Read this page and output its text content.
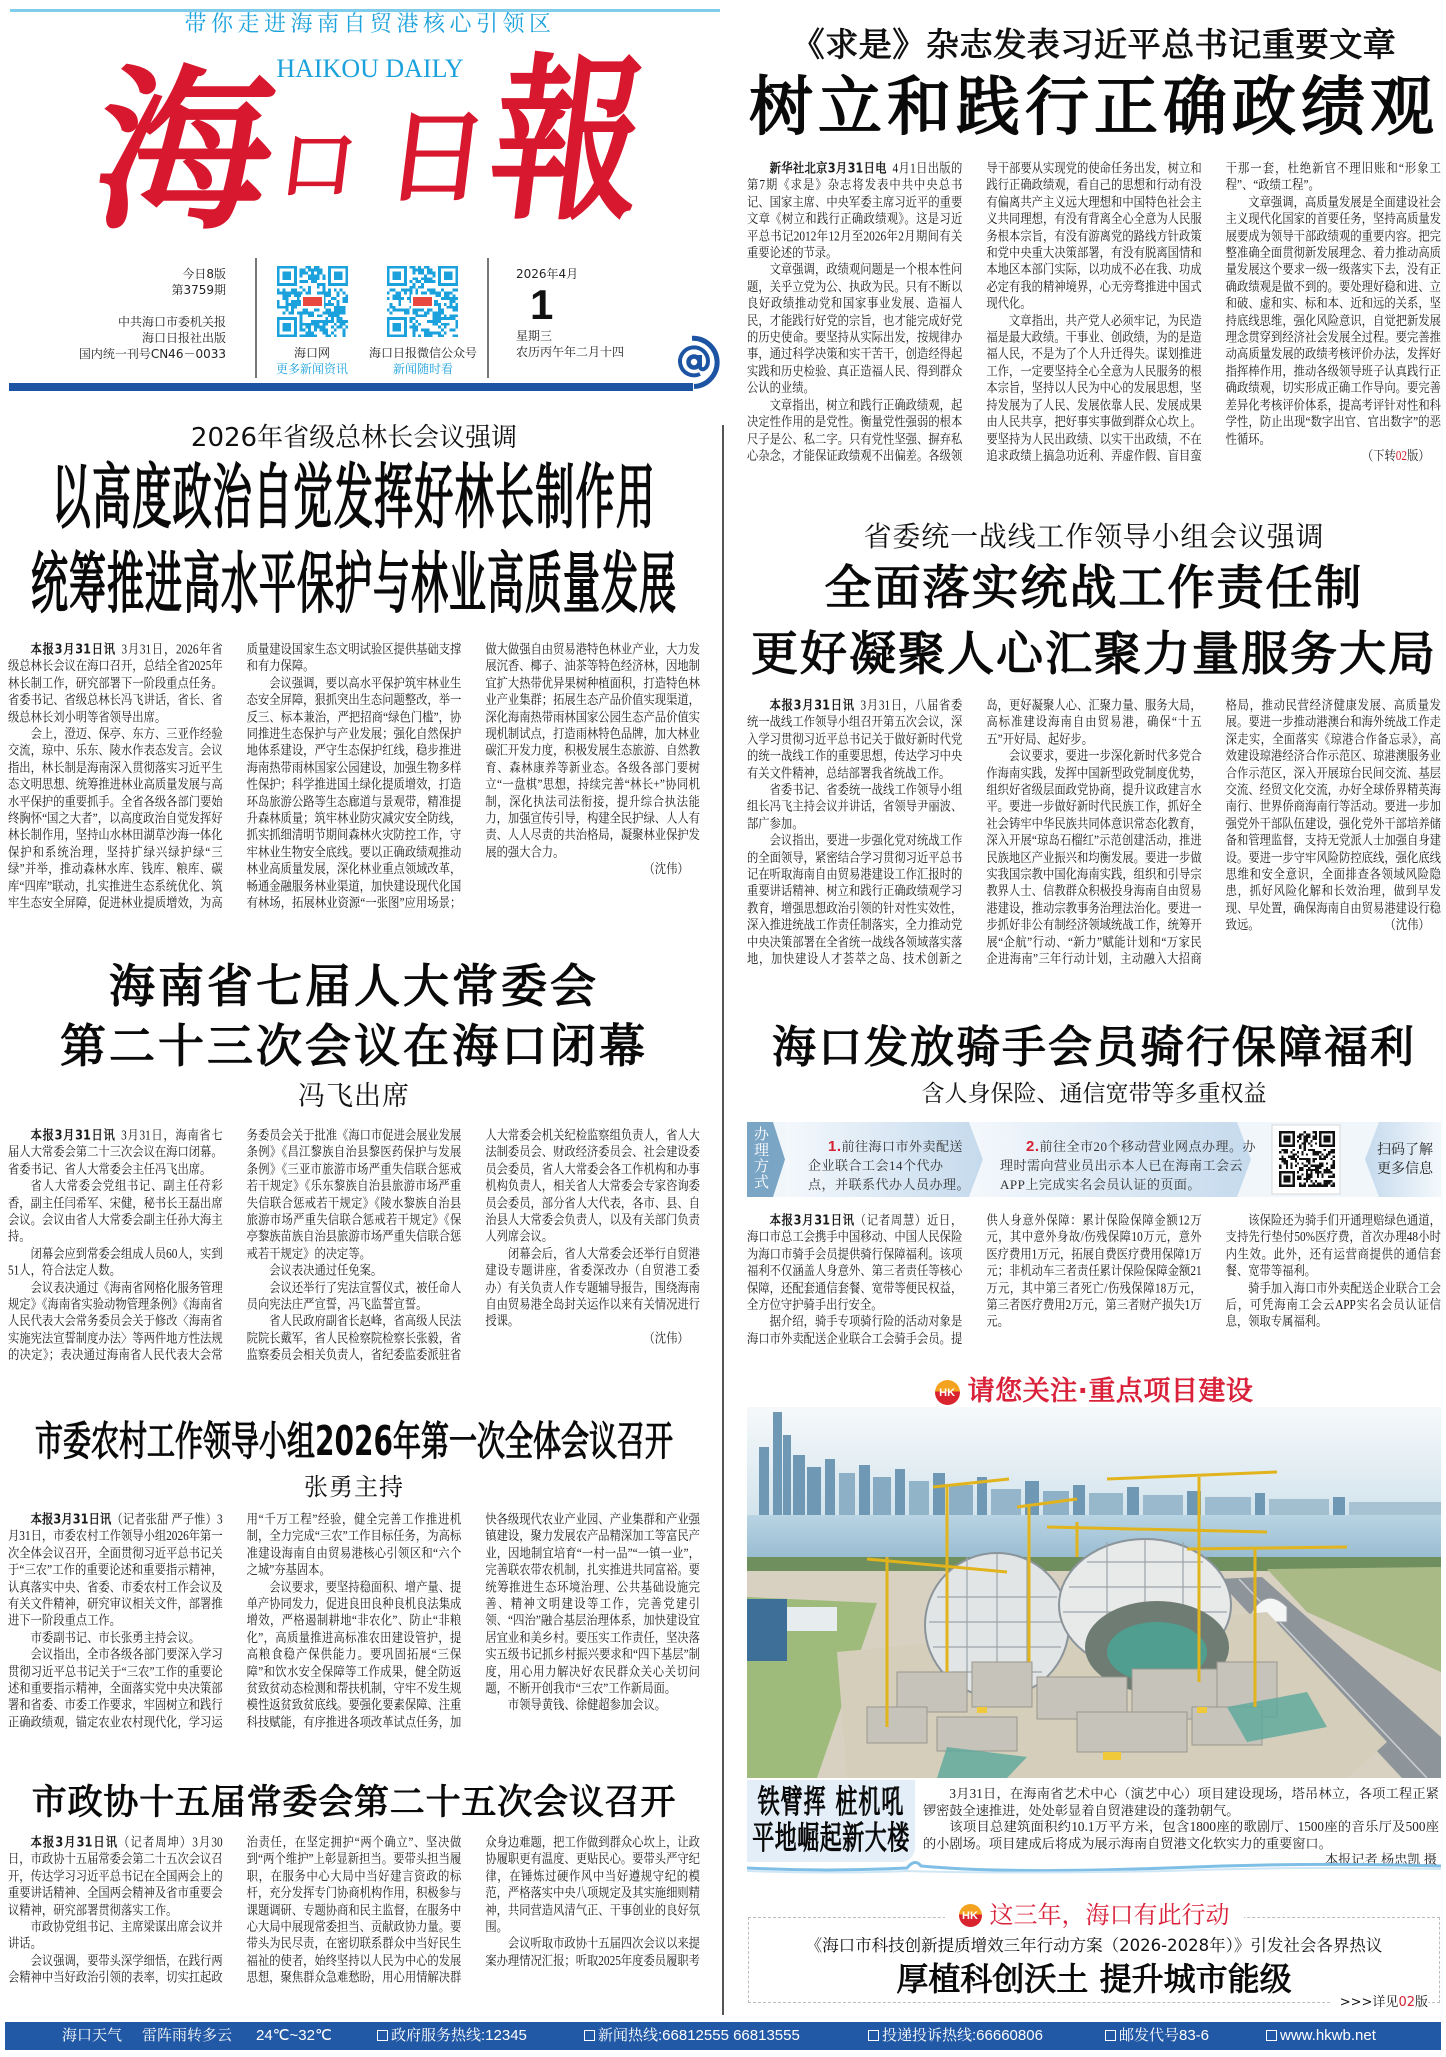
带你走进海南自贸港核心引领区
HAIKOU DAILY
海
口 日
報
今日8版
第3759期
中共海口市委机关报
海口日报社出版
国内统一刊号CN46－0033	海口网
更多新闻资讯
海口日报微信公众号
新闻随时看
2026年4月
1
星期三
农历丙午年二月十四
《求是》杂志发表习近平总书记重要文章
树立和践行正确政绩观

新华社北京3月31日电 4月1日出版的第7期《求是》杂志将发表中共中央总书记、国家主席、中央军委主席习近平的重要文章《树立和践行正确政绩观》。这是习近平总书记2012年12月至2026年2月期间有关重要论述的节录。

文章强调，政绩观问题是一个根本性问题，关乎立党为公、执政为民。只有不断以良好政绩推动党和国家事业发展、造福人民，才能践行好党的宗旨，也才能完成好党的历史使命。要坚持从实际出发，按规律办事，通过科学决策和实干苦干，创造经得起实践和历史检验、真正造福人民、得到群众公认的业绩。

文章指出，树立和践行正确政绩观，起决定性作用的是党性。衡量党性强弱的根本尺子是公、私二字。只有党性坚强、摒弃私心杂念，才能保证政绩观不出偏差。各级领导干部要从实现党的使命任务出发，树立和践行正确政绩观，看自己的思想和行动有没有偏离共产主义远大理想和中国特色社会主义共同理想，有没有背离全心全意为人民服务根本宗旨，有没有游离党的路线方针政策和党中央重大决策部署，有没有脱离国情和本地区本部门实际，以功成不必在我、功成必定有我的精神境界，心无旁骛推进中国式现代化。

文章指出，共产党人必须牢记，为民造福是最大政绩。干事业、创政绩，为的是造福人民，不是为了个人升迁得失。谋划推进工作，一定要坚持全心全意为人民服务的根本宗旨，坚持以人民为中心的发展思想，坚持发展为了人民、发展依靠人民、发展成果由人民共享，把好事实事做到群众心坎上。要坚持为人民出政绩、以实干出政绩，不在追求政绩上搞急功近利、弄虚作假、盲目蛮干那一套，杜绝新官不理旧账和“形象工程”、“政绩工程”。

文章强调，高质量发展是全面建设社会主义现代化国家的首要任务，坚持高质量发展要成为领导干部政绩观的重要内容。把完整准确全面贯彻新发展理念、着力推动高质量发展这个要求一级一级落实下去，没有正确政绩观是做不到的。要处理好稳和进、立和破、虚和实、标和本、近和远的关系，坚持底线思维，强化风险意识，自觉把新发展理念贯穿到经济社会发展全过程。要完善推动高质量发展的政绩考核评价办法，发挥好指挥棒作用，推动各级领导班子认真践行正确政绩观，切实形成正确工作导向。要完善差异化考核评价体系，提高考评针对性和科学性，防止出现“数字出官、官出数字”的恶性循环。

（下转02版）

2026年省级总林长会议强调
以高度政治自觉发挥好林长制作用
统筹推进高水平保护与林业高质量发展

本报3月31日讯 3月31日，2026年省级总林长会议在海口召开，总结全省2025年林长制工作，研究部署下一阶段重点任务。省委书记、省级总林长冯飞讲话，省长、省级总林长刘小明等省领导出席。

会上，澄迈、保亭、东方、三亚作经验交流，琼中、乐东、陵水作表态发言。会议指出，林长制是海南深入贯彻落实习近平生态文明思想、统筹推进林业高质量发展与高水平保护的重要抓手。全省各级各部门要始终胸怀“国之大者”，以高度政治自觉发挥好林长制作用，坚持山水林田湖草沙海一体化保护和系统治理，坚持扩绿兴绿护绿“三绿”并举，推动森林水库、钱库、粮库、碳库“四库”联动，扎实推进生态系统优化、筑牢生态安全屏障，促进林业提质增效，为高质量建设国家生态文明试验区提供基础支撑和有力保障。

会议强调，要以高水平保护筑牢林业生态安全屏障，狠抓突出生态问题整改，举一反三、标本兼治，严把招商“绿色门槛”，协同推进生态保护与产业发展；强化自然保护地体系建设，严守生态保护红线，稳步推进海南热带雨林国家公园建设，加强生物多样性保护；科学推进国土绿化提质增效，打造环岛旅游公路等生态廊道与景观带，精准提升森林质量；筑牢林业防灾减灾安全防线，抓实抓细清明节期间森林火灾防控工作，守牢林业生物安全底线。要以正确政绩观推动林业高质量发展，深化林业重点领域改革，畅通金融服务林业渠道，加快建设现代化国有林场，拓展林业资源“一张图”应用场景；做大做强自由贸易港特色林业产业，大力发展沉香、椰子、油茶等特色经济林，因地制宜扩大热带优异果树种植面积，打造特色林业产业集群；拓展生态产品价值实现渠道，深化海南热带雨林国家公园生态产品价值实现机制试点，打造雨林特色品牌，加大林业碳汇开发力度，积极发展生态旅游、自然教育、森林康养等新业态。各级各部门要树立“一盘棋”思想，持续完善“林长+”协同机制，深化执法司法衔接，提升综合执法能力，加强宣传引导，构建全民护绿、人人有责、人人尽责的共治格局，凝聚林业保护发展的强大合力。

（沈伟）

省委统一战线工作领导小组会议强调
全面落实统战工作责任制
更好凝聚人心汇聚力量服务大局

本报3月31日讯 3月31日，八届省委统一战线工作领导小组召开第五次会议，深入学习贯彻习近平总书记关于做好新时代党的统一战线工作的重要思想，传达学习中央有关文件精神，总结部署我省统战工作。

省委书记、省委统一战线工作领导小组组长冯飞主持会议并讲话，省领导尹丽波、郜广参加。

会议指出，要进一步强化党对统战工作的全面领导，紧密结合学习贯彻习近平总书记在听取海南自由贸易港建设工作汇报时的重要讲话精神、树立和践行正确政绩观学习教育，增强思想政治引领的针对性实效性，深入推进统战工作责任制落实，全力推动党中央决策部署在全省统一战线各领域落实落地，加快建设人才荟萃之岛、技术创新之岛，更好凝聚人心、汇聚力量、服务大局，高标准建设海南自由贸易港，确保“十五五”开好局、起好步。

会议要求，要进一步深化新时代多党合作海南实践，发挥中国新型政党制度优势，组织好省级层面政党协商，提升议政建言水平。要进一步做好新时代民族工作，抓好全社会铸牢中华民族共同体意识常态化教育，深入开展“琼岛石榴红”示范创建活动，推进民族地区产业振兴和均衡发展。要进一步做实我国宗教中国化海南实践，组织和引导宗教界人士、信教群众积极投身海南自由贸易港建设，推动宗教事务治理法治化。要进一步抓好非公有制经济领域统战工作，统筹开展“企航”行动、“新力”赋能计划和“万家民企进海南”三年行动计划，主动融入大招商格局，推动民营经济健康发展、高质量发展。要进一步推动港澳台和海外统战工作走深走实，全面落实《琼港合作备忘录》，高效建设琼港经济合作示范区、琼港澳服务业合作示范区，深入开展琼台民间交流、基层交流、经贸文化交流，办好全球侨界精英海南行、世界侨商海南行等活动。要进一步加强党外干部队伍建设，强化党外干部培养储备和管理监督，支持无党派人士加强自身建设。要进一步守牢风险防控底线，强化底线思维和安全意识，全面排查各领域风险隐患，抓好风险化解和长效治理，做到早发现、早处置，确保海南自由贸易港建设行稳致远。	（沈伟）

海南省七届人大常委会
第二十三次会议在海口闭幕
冯飞出席

本报3月31日讯 3月31日，海南省七届人大常委会第二十三次会议在海口闭幕。省委书记、省人大常委会主任冯飞出席。

省人大常委会党组书记、副主任苻彩香，副主任闫希军、宋健，秘书长王磊出席会议。会议由省人大常委会副主任孙大海主持。

闭幕会应到常委会组成人员60人，实到51人，符合法定人数。

会议表决通过《海南省网格化服务管理规定》《海南省实验动物管理条例》《海南省人民代表大会常务委员会关于修改〈海南省实施宪法宣誓制度办法〉等两件地方性法规的决定》；表决通过海南省人民代表大会常务委员会关于批准《海口市促进会展业发展条例》《昌江黎族自治县黎医药保护与发展条例》《三亚市旅游市场严重失信联合惩戒若干规定》《乐东黎族自治县旅游市场严重失信联合惩戒若干规定》《陵水黎族自治县旅游市场严重失信联合惩戒若干规定》《保亭黎族苗族自治县旅游市场严重失信联合惩戒若干规定》的决定等。

会议表决通过任免案。

会议还举行了宪法宣誓仪式，被任命人员向宪法庄严宣誓，冯飞监誓宣誓。

省人民政府副省长赵峰，省高级人民法院院长戴军，省人民检察院检察长张毅，省监察委员会相关负责人，省纪委监委派驻省人大常委会机关纪检监察组负责人，省人大法制委员会、财政经济委员会、社会建设委员会委员，省人大常委会各工作机构和办事机构负责人，相关省人大常委会专家咨询委员会委员，部分省人大代表，各市、县、自治县人大常委会负责人，以及有关部门负责人列席会议。

闭幕会后，省人大常委会还举行自贸港建设专题讲座，省委深改办（自贸港工委办）有关负责人作专题辅导报告，围绕海南自由贸易港全岛封关运作以来有关情况进行授课。

（沈伟）

海口发放骑手会员骑行保障福利
含人身保险、通信宽带等多重权益
办理方式	1.前往海口市外卖配送企业联合工会14个代办点，并联系代办人员办理。
2.前往全市20个移动营业网点办理。办理时需向营业员出示本人已在海南工会云APP上完成实名会员认证的页面。
扫码了解
更多信息

本报3月31日讯（记者周慧）近日，海口市总工会携手中国移动、中国人民保险为海口市骑手会员提供骑行保障福利。该项福利不仅涵盖人身意外、第三者责任等核心保障，还配套通信套餐、宽带等便民权益，全方位守护骑手出行安全。

据介绍，骑手专项骑行险的活动对象是海口市外卖配送企业联合工会骑手会员。提供人身意外保障：累计保险保障金额12万元，其中意外身故/伤残保障10万元，意外医疗费用1万元，拓展自费医疗费用保障1万元；非机动车三者责任累计保险保障金额21万元，其中第三者死亡/伤残保障18万元，第三者医疗费用2万元，第三者财产损失1万元。

该保险还为骑手们开通理赔绿色通道，支持先行垫付50%医疗费，首次办理48小时内生效。此外，还有运营商提供的通信套餐、宽带等福利。

骑手加入海口市外卖配送企业联合工会后，可凭海南工会云APP实名会员认证信息，领取专属福利。

市委农村工作领导小组2026年第一次全体会议召开
张勇主持

本报3月31日讯（记者张甜 严子惟）3月31日，市委农村工作领导小组2026年第一次全体会议召开，全面贯彻习近平总书记关于“三农”工作的重要论述和重要指示精神，认真落实中央、省委、市委农村工作会议及有关文件精神，研究审议相关文件，部署推进下一阶段重点工作。

市委副书记、市长张勇主持会议。

会议指出，全市各级各部门要深入学习贯彻习近平总书记关于“三农”工作的重要论述和重要指示精神，全面落实党中央决策部署和省委、市委工作要求，牢固树立和践行正确政绩观，锚定农业农村现代化，学习运用“千万工程”经验，健全完善工作推进机制，全力完成“三农”工作目标任务，为高标准建设海南自由贸易港核心引领区和“六个之城”夯基固本。

会议要求，要坚持稳面积、增产量、提单产协同发力，促进良田良种良机良法集成增效，严格遏制耕地“非农化”、防止“非粮化”，高质量推进高标准农田建设管护，提高粮食稳产保供能力。要巩固拓展“三保障”和饮水安全保障等工作成果，健全防返贫致贫动态检测和帮扶机制，守牢不发生规模性返贫致贫底线。要强化要素保障、注重科技赋能，有序推进各项改革试点任务，加快各级现代农业产业园、产业集群和产业强镇建设，聚力发展农产品精深加工等富民产业，因地制宜培育“一村一品”“一镇一业”，完善联农带农机制，扎实推进共同富裕。要统筹推进生态环境治理、公共基础设施完善、精神文明建设等工作，完善党建引领、“四治”融合基层治理体系，加快建设宜居宜业和美乡村。要压实工作责任，坚决落实五级书记抓乡村振兴要求和“四下基层”制度，用心用力解决好农民群众关心关切问题，不断开创我市“三农”工作新局面。

市领导黄钱、徐健超参加会议。

市政协十五届常委会第二十五次会议召开

本报3月31日讯（记者周坤）3月30日，市政协十五届常委会第二十五次会议召开，传达学习习近平总书记在全国两会上的重要讲话精神、全国两会精神及省市重要会议精神，研究部署贯彻落实工作。

市政协党组书记、主席梁谋出席会议并讲话。

会议强调，要带头深学细悟，在践行两会精神中当好政治引领的表率，切实扛起政治责任，在坚定拥护“两个确立”、坚决做到“两个维护”上彰显新担当。要带头担当履职，在服务中心大局中当好建言资政的标杆，充分发挥专门协商机构作用，积极参与课题调研、专题协商和民主监督，在服务中心大局中展现常委担当、贡献政协力量。要带头为民尽责，在密切联系群众中当好民生福祉的使者，始终坚持以人民为中心的发展思想，聚焦群众急难愁盼，用心用情解决群众身边难题，把工作做到群众心坎上，让政协履职更有温度、更贴民心。要带头严守纪律，在锤炼过硬作风中当好遵规守纪的模范，严格落实中央八项规定及其实施细则精神，共同营造风清气正、干事创业的良好氛围。

会议听取市政协十五届四次会议以来提案办理情况汇报；听取2025年度委员履职考

HK 请您关注·重点项目建设
铁臂挥 桩机吼
平地崛起新大楼

3月31日，在海南省艺术中心（演艺中心）项目建设现场，塔吊林立，各项工程正紧锣密鼓全速推进，处处彰显着自贸港建设的蓬勃朝气。

该项目总建筑面积约10.1万平方米，包含1800座的歌剧厅、1500座的音乐厅及500座的小剧场。项目建成后将成为展示海南自贸港文化软实力的重要窗口。
本报记者 杨忠凯 摄

HK 这三年，海口有此行动
《海口市科技创新提质增效三年行动方案（2026-2028年）》引发社会各界热议
厚植科创沃土 提升城市能级
>>>详见02版
海口天气 雷阵雨转多云 24℃~32℃	政府服务热线:12345	新闻热线:66812555 66813555	投递投诉热线:66660806	邮发代号83-6	www.hkwb.net
